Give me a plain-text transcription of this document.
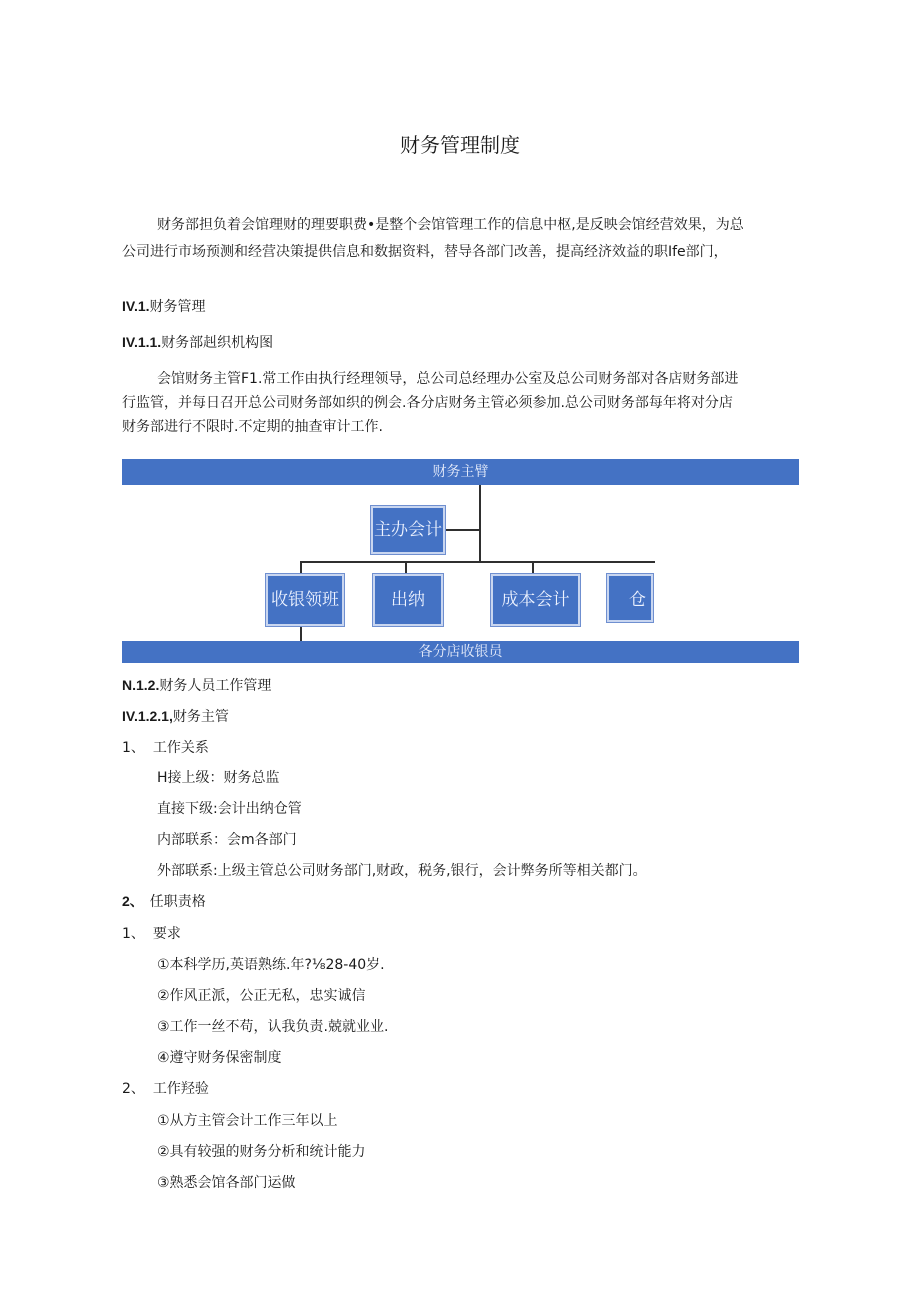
财务管理制度
财务部担负着会馆理财的理要职费•是整个会馆管理工作的信息中枢,是反映会馆经营效果，为总
公司进行市场预测和经营决策提供信息和数据资料，替导各部门改善，提高经济效益的职Ife部门，
IV.1.财务管理
IV.1.1.财务部赳织机构图
会馆财务主管F1.常工作由执行经理领导，总公司总经理办公室及总公司财务部对各店财务部进
行监管，并每日召开总公司财务部如织的例会.各分店财务主管必须参加.总公司财务部每年将对分店
财务部进行不限时.不定期的抽查审计工作.
财务主臂
主办会计
收银领班	出纳	成本会计	仓
各分店收银员
N.1.2.财务人员工作管理
IV.1.2.1,财务主管
1、 工作关系
H接上级：财务总监
直接下级:会计出纳仓管
内部联系：会m各部门
外部联系:上级主管总公司财务部门,财政，税务,银行，会计弊务所等相关都门。
2、 任职责格
1、 要求
①本科学历,英语熟练.年?⅛28-40岁.
②作风正派，公正无私，忠实诚信
③工作一丝不苟，认我负责.兢就业业.
④遵守财务保密制度
2、 工作羟验
①从方主管会计工作三年以上
②具有较强的财务分析和统计能力
③熟悉会馆各部门运做
